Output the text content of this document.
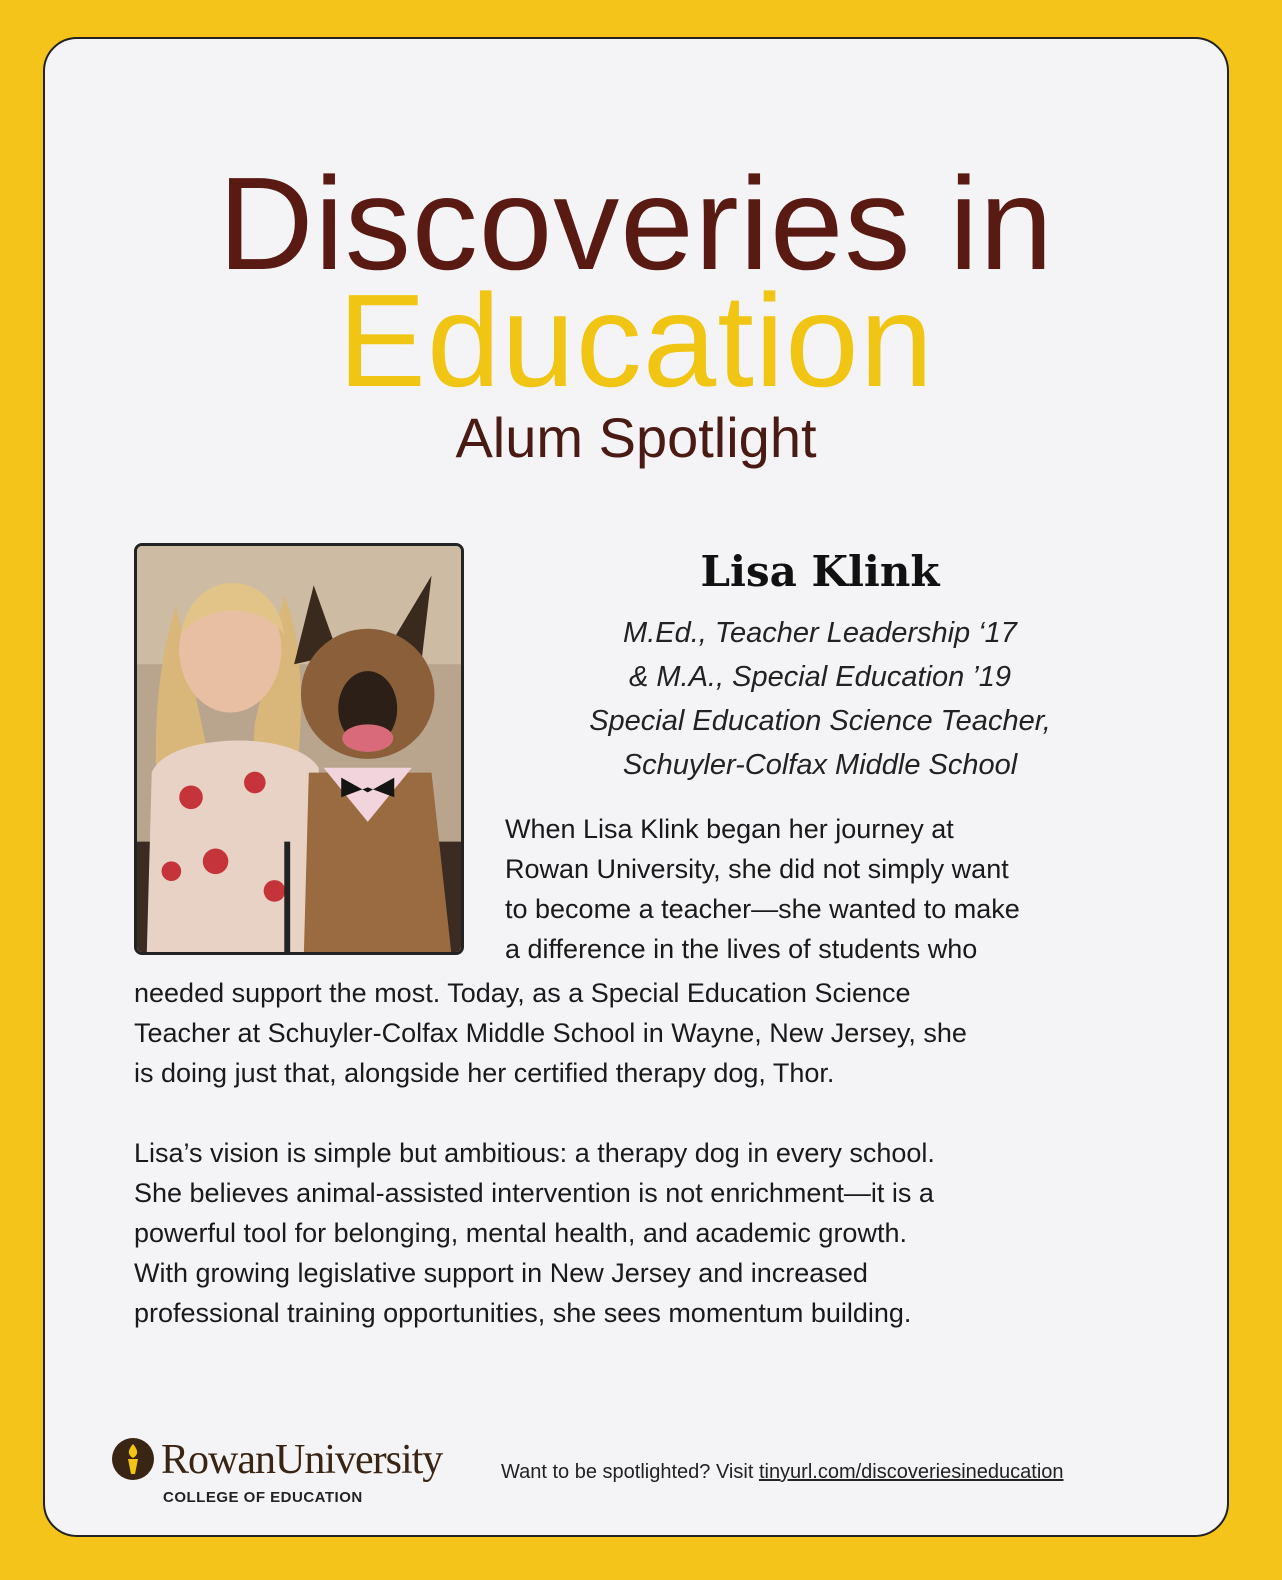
Discoveries in
Education
Alum Spotlight
Lisa Klink
M.Ed., Teacher Leadership ‘17
& M.A., Special Education ’19
Special Education Science Teacher,
Schuyler-Colfax Middle School
When Lisa Klink began her journey at
Rowan University, she did not simply want
to become a teacher—she wanted to make
a difference in the lives of students who
needed support the most. Today, as a Special Education Science
Teacher at Schuyler-Colfax Middle School in Wayne, New Jersey, she
is doing just that, alongside her certified therapy dog, Thor.
Lisa’s vision is simple but ambitious: a therapy dog in every school.
She believes animal-assisted intervention is not enrichment—it is a
powerful tool for belonging, mental health, and academic growth.
With growing legislative support in New Jersey and increased
professional training opportunities, she sees momentum building.
RowanUniversity
COLLEGE OF EDUCATION
Want to be spotlighted? Visit tinyurl.com/discoveriesineducation
